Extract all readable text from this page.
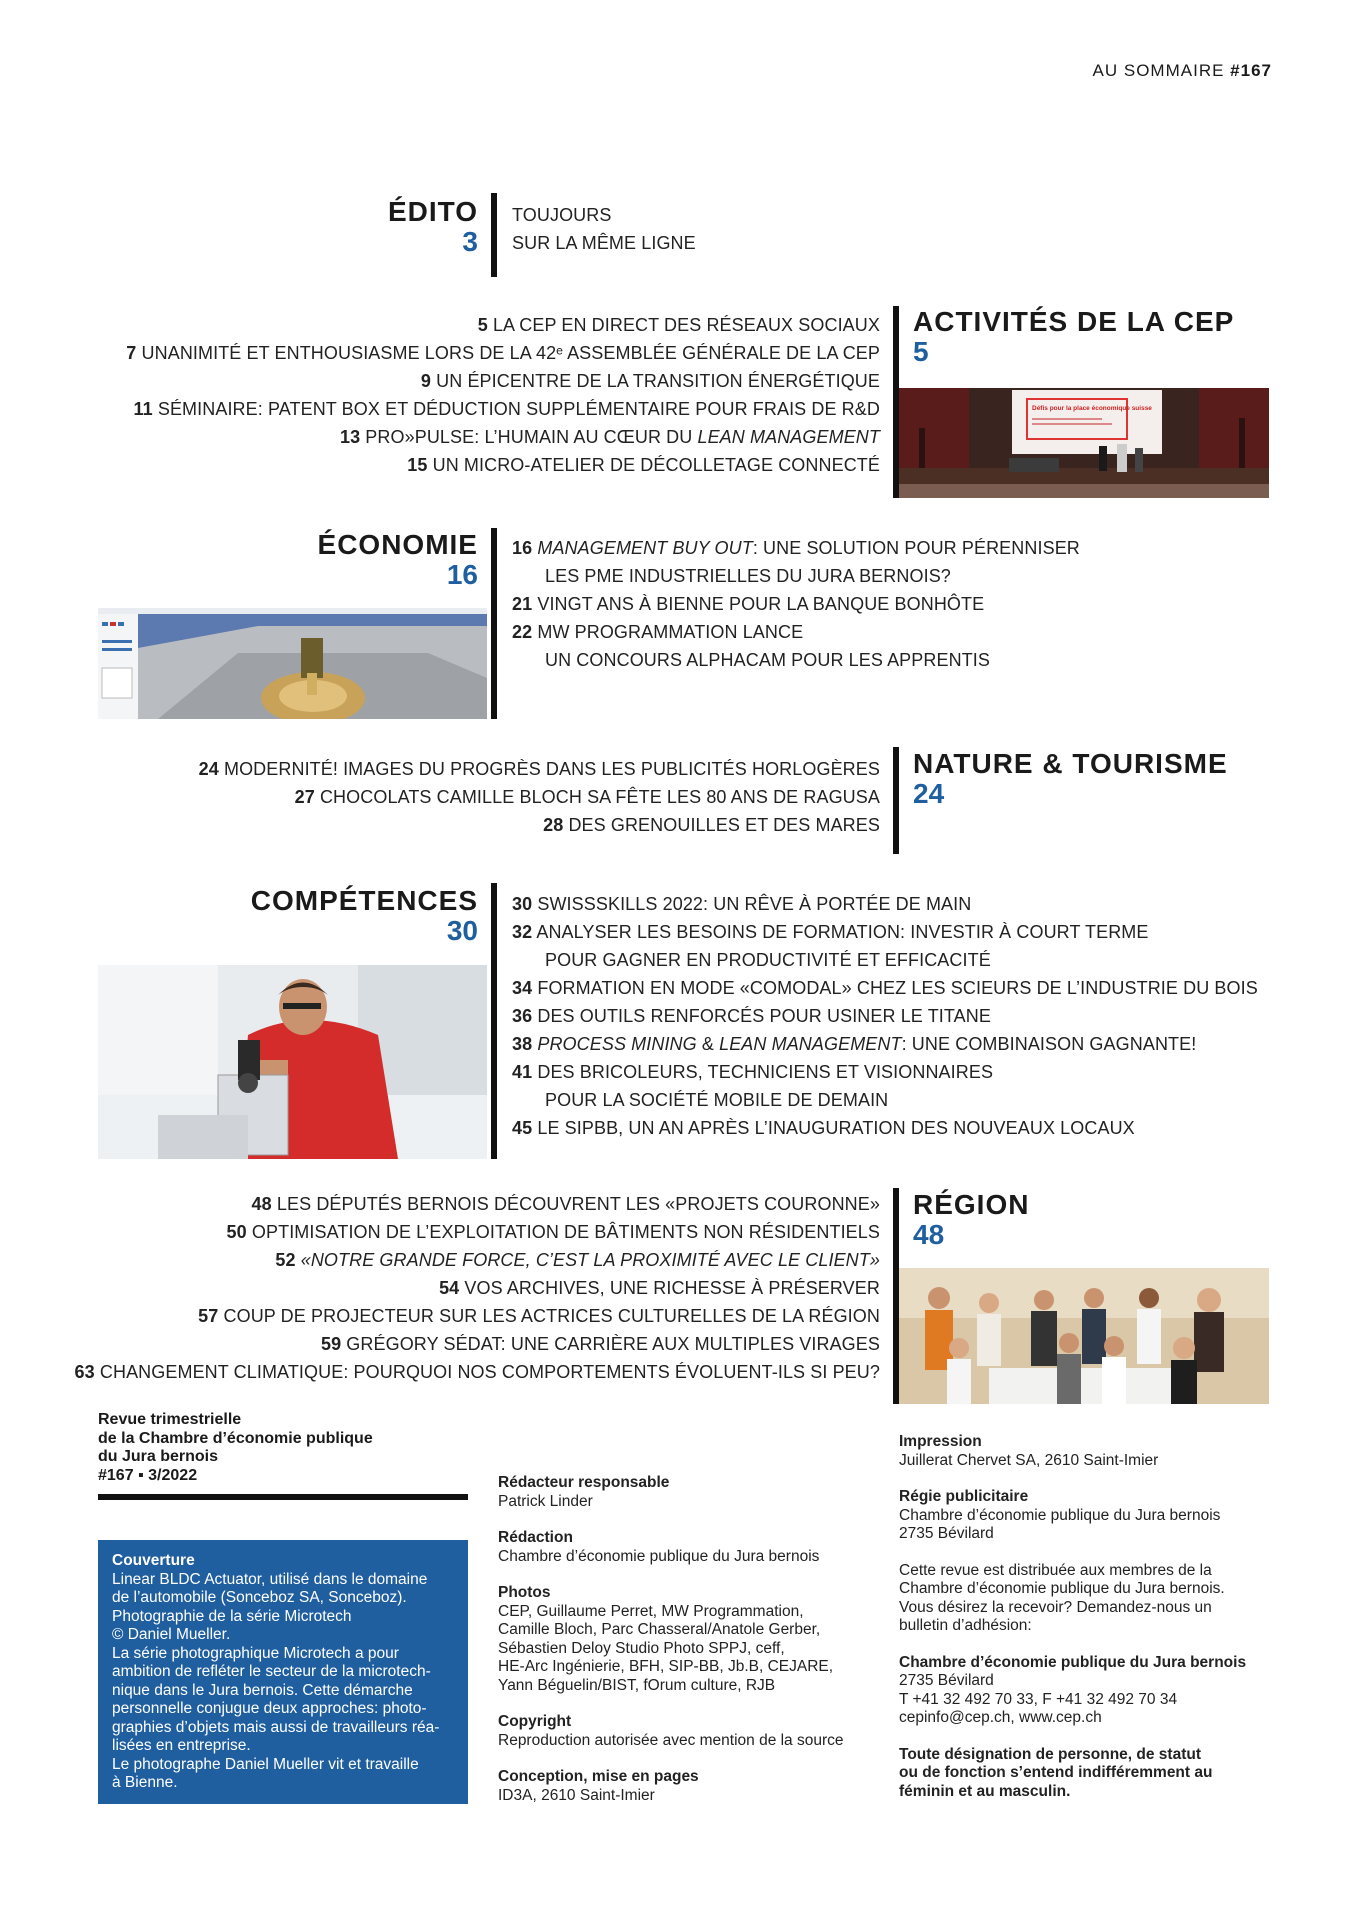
AU SOMMAIRE #167
ÉDITO
3
TOUJOURS
SUR LA MÊME LIGNE
5 LA CEP EN DIRECT DES RÉSEAUX SOCIAUX
7 UNANIMITÉ ET ENTHOUSIASME LORS DE LA 42ᵉ ASSEMBLÉE GÉNÉRALE DE LA CEP
9 UN ÉPICENTRE DE LA TRANSITION ÉNERGÉTIQUE
11 SÉMINAIRE: PATENT BOX ET DÉDUCTION SUPPLÉMENTAIRE POUR FRAIS DE R&D
13 PRO»PULSE: L’HUMAIN AU CŒUR DU LEAN MANAGEMENT
15 UN MICRO-ATELIER DE DÉCOLLETAGE CONNECTÉ
ACTIVITÉS DE LA CEP
5
Défis pour la place économique suisse
ÉCONOMIE
16
16 MANAGEMENT BUY OUT: UNE SOLUTION POUR PÉRENNISER
LES PME INDUSTRIELLES DU JURA BERNOIS?
21 VINGT ANS À BIENNE POUR LA BANQUE BONHÔTE
22 MW PROGRAMMATION LANCE
UN CONCOURS ALPHACAM POUR LES APPRENTIS
24 MODERNITÉ! IMAGES DU PROGRÈS DANS LES PUBLICITÉS HORLOGÈRES
27 CHOCOLATS CAMILLE BLOCH SA FÊTE LES 80 ANS DE RAGUSA
28 DES GRENOUILLES ET DES MARES
NATURE & TOURISME
24
COMPÉTENCES
30
30 SWISSSKILLS 2022: UN RÊVE À PORTÉE DE MAIN
32 ANALYSER LES BESOINS DE FORMATION: INVESTIR À COURT TERME
POUR GAGNER EN PRODUCTIVITÉ ET EFFICACITÉ
34 FORMATION EN MODE «COMODAL» CHEZ LES SCIEURS DE L’INDUSTRIE DU BOIS
36 DES OUTILS RENFORCÉS POUR USINER LE TITANE
38 PROCESS MINING & LEAN MANAGEMENT: UNE COMBINAISON GAGNANTE!
41 DES BRICOLEURS, TECHNICIENS ET VISIONNAIRES
POUR LA SOCIÉTÉ MOBILE DE DEMAIN
45 LE SIPBB, UN AN APRÈS L’INAUGURATION DES NOUVEAUX LOCAUX
48 LES DÉPUTÉS BERNOIS DÉCOUVRENT LES «PROJETS COURONNE»
50 OPTIMISATION DE L’EXPLOITATION DE BÂTIMENTS NON RÉSIDENTIELS
52 «NOTRE GRANDE FORCE, C’EST LA PROXIMITÉ AVEC LE CLIENT»
54 VOS ARCHIVES, UNE RICHESSE À PRÉSERVER
57 COUP DE PROJECTEUR SUR LES ACTRICES CULTURELLES DE LA RÉGION
59 GRÉGORY SÉDAT: UNE CARRIÈRE AUX MULTIPLES VIRAGES
63 CHANGEMENT CLIMATIQUE: POURQUOI NOS COMPORTEMENTS ÉVOLUENT-ILS SI PEU?
RÉGION
48
Revue trimestrielle
de la Chambre d’économie publique
du Jura bernois
#167 ▪ 3/2022
Couverture
Linear BLDC Actuator, utilisé dans le domaine
de l’automobile (Sonceboz SA, Sonceboz).
Photographie de la série Microtech
© Daniel Mueller.
La série photographique Microtech a pour
ambition de refléter le secteur de la microtech-
nique dans le Jura bernois. Cette démarche
personnelle conjugue deux approches: photo-
graphies d’objets mais aussi de travailleurs réa-
lisées en entreprise.
Le photographe Daniel Mueller vit et travaille
à Bienne.
Rédacteur responsable
Patrick Linder
Rédaction
Chambre d’économie publique du Jura bernois
Photos
CEP, Guillaume Perret, MW Programmation,
Camille Bloch, Parc Chasseral/Anatole Gerber,
Sébastien Deloy Studio Photo SPPJ, ceff,
HE-Arc Ingénierie, BFH, SIP-BB, Jb.B, CEJARE,
Yann Béguelin/BIST, fOrum culture, RJB
Copyright
Reproduction autorisée avec mention de la source
Conception, mise en pages
ID3A, 2610 Saint-Imier
Impression
Juillerat Chervet SA, 2610 Saint-Imier
Régie publicitaire
Chambre d’économie publique du Jura bernois
2735 Bévilard
Cette revue est distribuée aux membres de la
Chambre d’économie publique du Jura bernois.
Vous désirez la recevoir? Demandez-nous un
bulletin d’adhésion:
Chambre d’économie publique du Jura bernois
2735 Bévilard
T +41 32 492 70 33, F +41 32 492 70 34
cepinfo@cep.ch, www.cep.ch
Toute désignation de personne, de statut
ou de fonction s’entend indifféremment au
féminin et au masculin.
